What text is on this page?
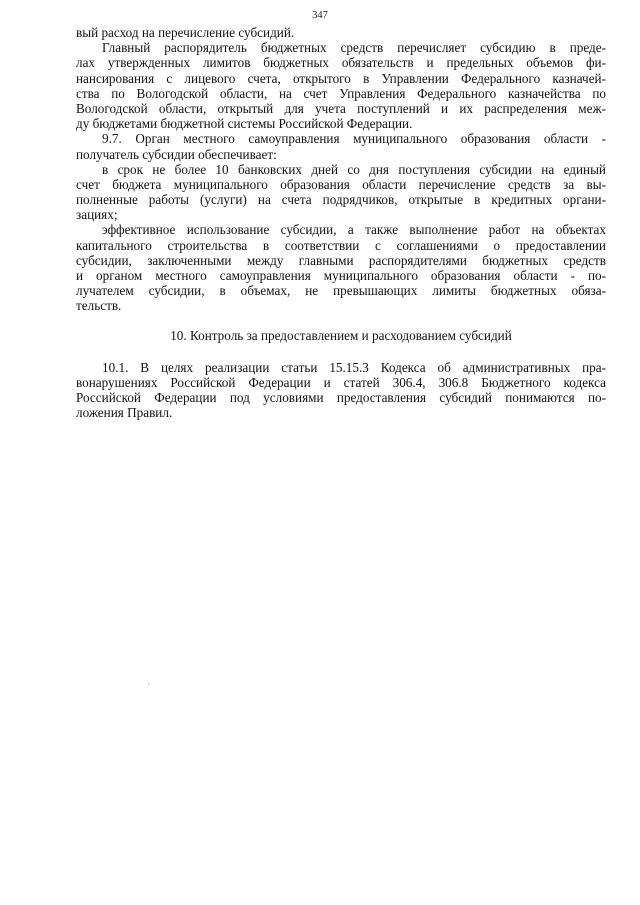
347
вый расход на перечисление субсидий.
Главный распорядитель бюджетных средств перечисляет субсидию в преде-
лах утвержденных лимитов бюджетных обязательств и предельных объемов фи-
нансирования с лицевого счета, открытого в Управлении Федерального казначей-
ства по Вологодской области, на счет Управления Федерального казначейства по
Вологодской области, открытый для учета поступлений и их распределения меж-
ду бюджетами бюджетной системы Российской Федерации.
9.7. Орган местного самоуправления муниципального образования области -
получатель субсидии обеспечивает:
в срок не более 10 банковских дней со дня поступления субсидии на единый
счет бюджета муниципального образования области перечисление средств за вы-
полненные работы (услуги) на счета подрядчиков, открытые в кредитных органи-
зациях;
эффективное использование субсидии, а также выполнение работ на объектах
капитального строительства в соответствии с соглашениями о предоставлении
субсидии, заключенными между главными распорядителями бюджетных средств
и органом местного самоуправления муниципального образования области - по-
лучателем субсидии, в объемах, не превышающих лимиты бюджетных обяза-
тельств.
10. Контроль за предоставлением и расходованием субсидий
10.1. В целях реализации статьи 15.15.3 Кодекса об административных пра-
вонарушениях Российской Федерации и статей 306.4, 306.8 Бюджетного кодекса
Российской Федерации под условиями предоставления субсидий понимаются по-
ложения Правил.
